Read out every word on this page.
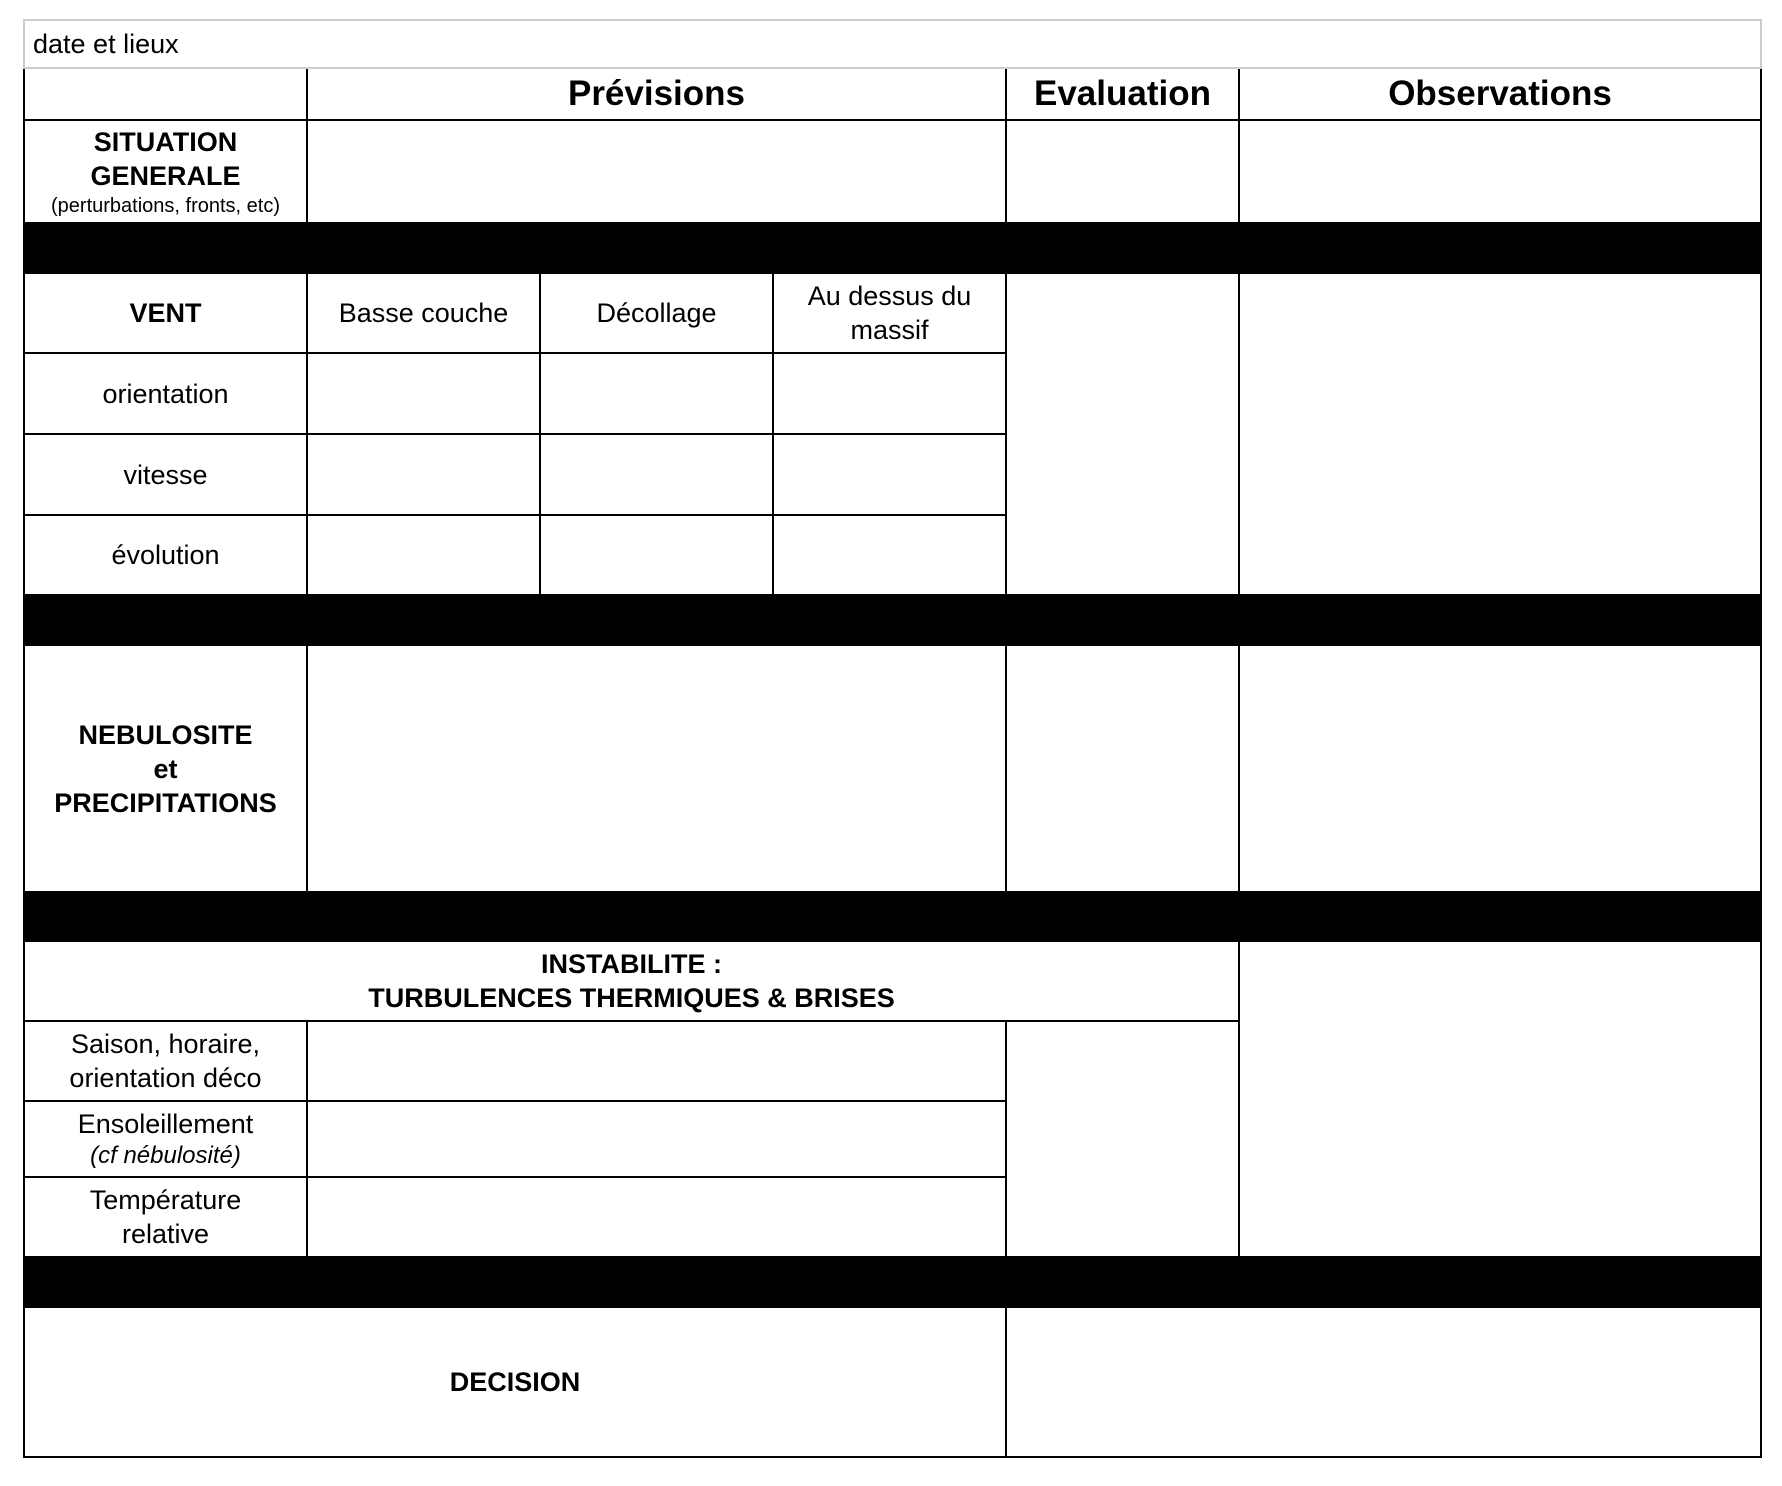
date et lieux					
	Prévisions			Evaluation	Observations

SITUATION
GENERALE
(perturbations, fronts, etc)					

VENT	Basse couche	Décollage	Au dessus du
massif		

orientation					
vitesse					
évolution					

NEBULOSITE
et
PRECIPITATIONS					

INSTABILITE :
TURBULENCES THERMIQUES & BRISES					

Saison, horaire,
orientation déco					

Ensoleillement
(cf nébulosité)					

Température
relative					

DECISION					
